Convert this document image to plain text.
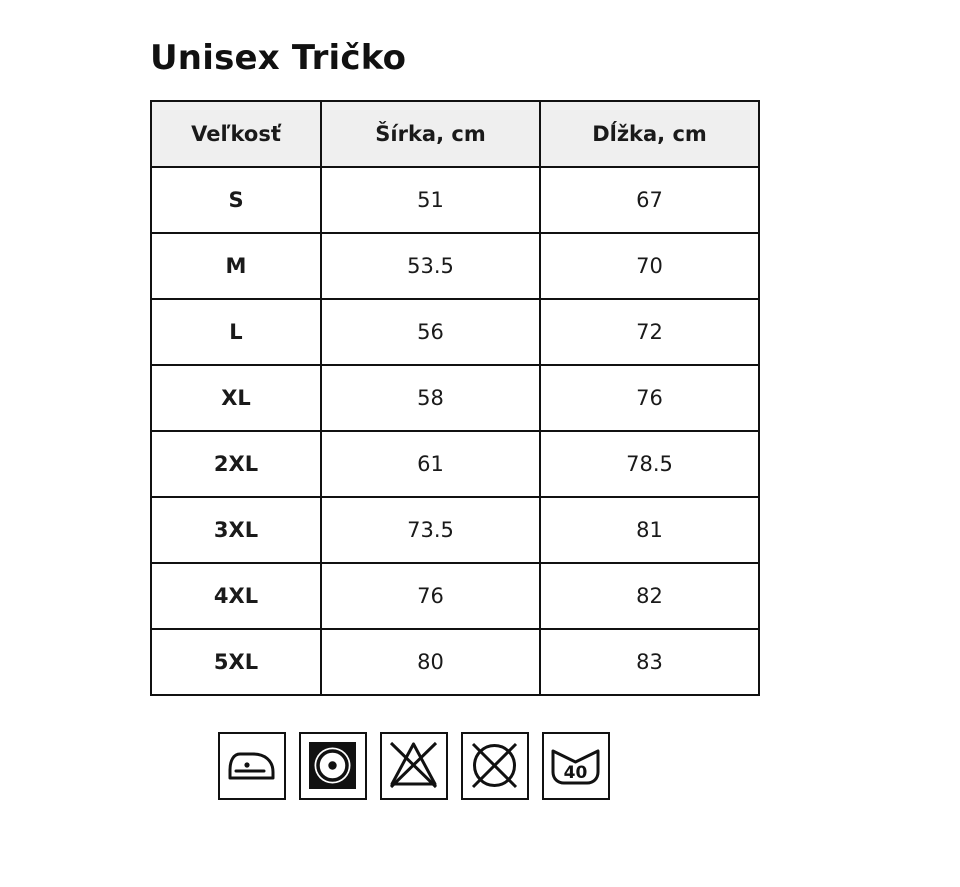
Unisex Tričko
Veľkosť	Šírka, cm	Dĺžka, cm
S	51	67
M	53.5	70
L	56	72
XL	58	76
2XL	61	78.5
3XL	73.5	81
4XL	76	82
5XL	80	83
40
